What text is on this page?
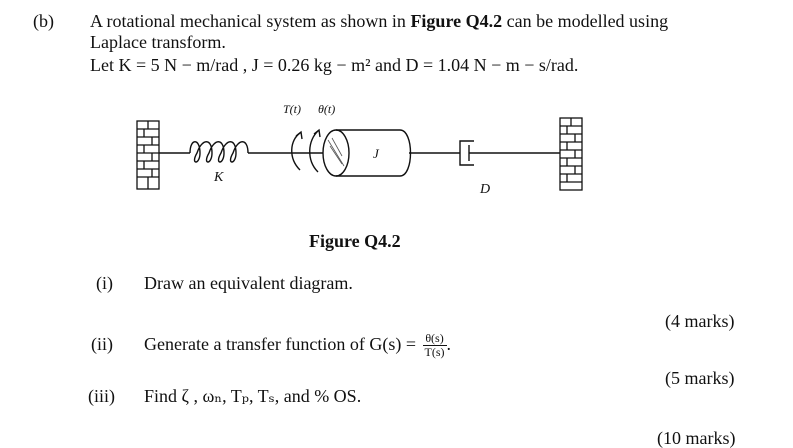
(b) A rotational mechanical system as shown in Figure Q4.2 can be modelled using
Laplace transform.
Let K = 5 N − m/rad , J = 0.26 kg − m² and D = 1.04 N − m − s/rad.
T(t) θ(t)
K
J
D
Figure Q4.2
(i) Draw an equivalent diagram.
(4 marks)
(ii) Generate a transfer function of $G(s) = \frac{\theta(s)}{T(s)}$ .
(5 marks)
(iii) Find ζ , ωₙ, Tₚ, Tₛ, and % OS.
(10 marks)
